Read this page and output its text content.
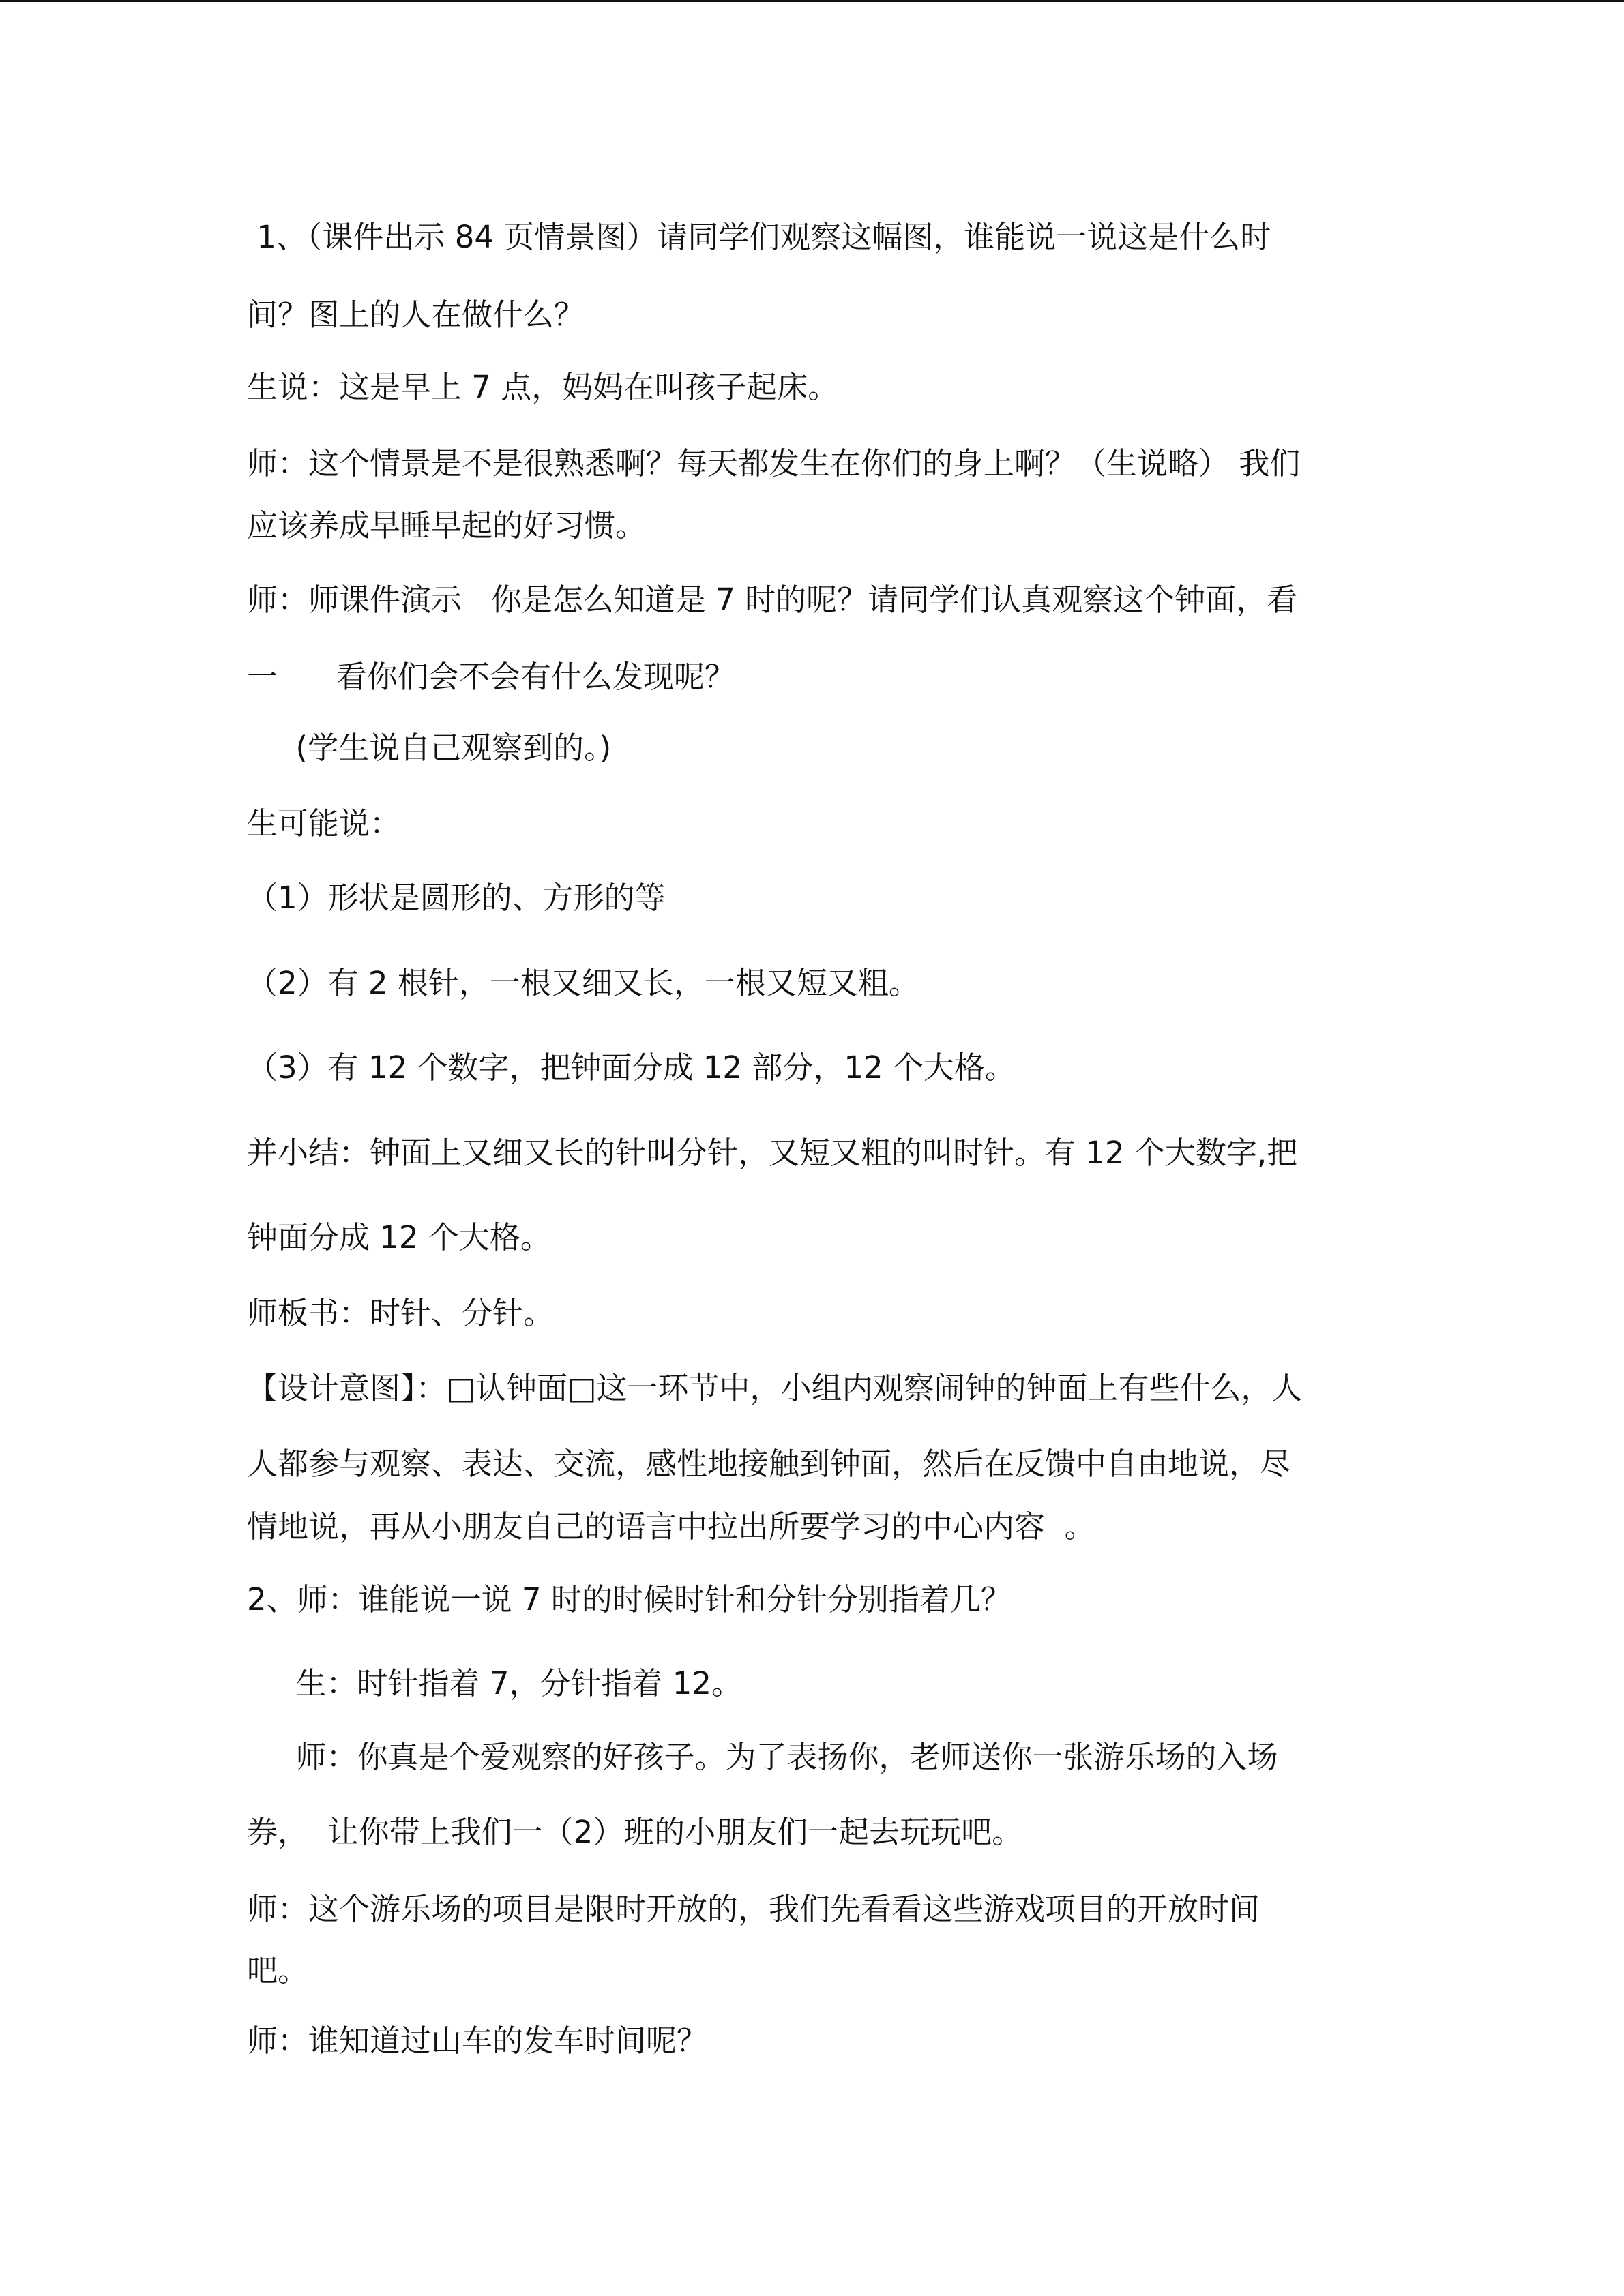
1、（课件出示 84 页情景图）请同学们观察这幅图，谁能说一说这是什么时

间？图上的人在做什么？

生说：这是早上 7 点，妈妈在叫孩子起床。

师：这个情景是不是很熟悉啊？每天都发生在你们的身上啊？（生说略） 我们

应该养成早睡早起的好习惯。

师：师课件演示   你是怎么知道是 7 时的呢？请同学们认真观察这个钟面，看

一      看你们会不会有什么发现呢？

(学生说自己观察到的。)

生可能说：

（1）形状是圆形的、方形的等

（2）有 2 根针，一根又细又长，一根又短又粗。

（3）有 12 个数字，把钟面分成 12 部分，12 个大格。

并小结：钟面上又细又长的针叫分针，又短又粗的叫时针。有 12 个大数字,把

钟面分成 12 个大格。

师板书：时针、分针。

【设计意图】：□认钟面□这一环节中，小组内观察闹钟的钟面上有些什么，人

人都参与观察、表达、交流，感性地接触到钟面，然后在反馈中自由地说，尽

情地说，再从小朋友自己的语言中拉出所要学习的中心内容  。

2、师：谁能说一说 7 时的时候时针和分针分别指着几？

生：时针指着 7，分针指着 12。

师：你真是个爱观察的好孩子。为了表扬你，老师送你一张游乐场的入场

券，  让你带上我们一（2）班的小朋友们一起去玩玩吧。

师：这个游乐场的项目是限时开放的，我们先看看这些游戏项目的开放时间

吧。

师：谁知道过山车的发车时间呢？
